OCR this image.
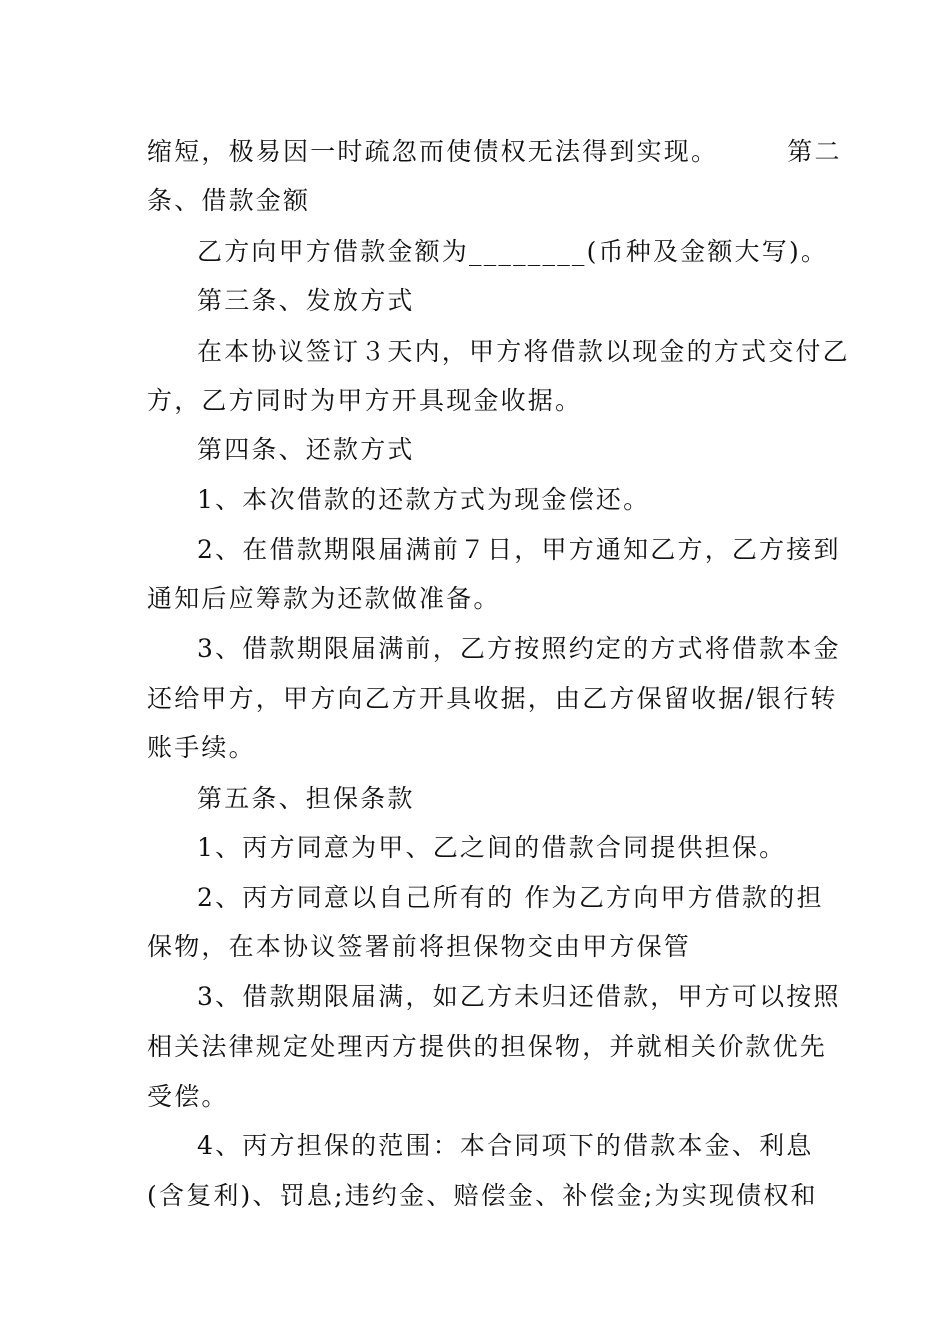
缩短，极易因一时疏忽而使债权无法得到实现。　　　第二
条、借款金额
乙方向甲方借款金额为________(币种及金额大写)。
第三条、发放方式
在本协议签订３天内，甲方将借款以现金的方式交付乙
方，乙方同时为甲方开具现金收据。
第四条、还款方式
1、本次借款的还款方式为现金偿还。
2、在借款期限届满前７日，甲方通知乙方，乙方接到
通知后应筹款为还款做准备。
3、借款期限届满前，乙方按照约定的方式将借款本金
还给甲方，甲方向乙方开具收据，由乙方保留收据/银行转
账手续。
第五条、担保条款
1、丙方同意为甲、乙之间的借款合同提供担保。
2、丙方同意以自己所有的 作为乙方向甲方借款的担
保物，在本协议签署前将担保物交由甲方保管
3、借款期限届满，如乙方未归还借款，甲方可以按照
相关法律规定处理丙方提供的担保物，并就相关价款优先
受偿。
4、丙方担保的范围：本合同项下的借款本金、利息
(含复利)、罚息;违约金、赔偿金、补偿金;为实现债权和
